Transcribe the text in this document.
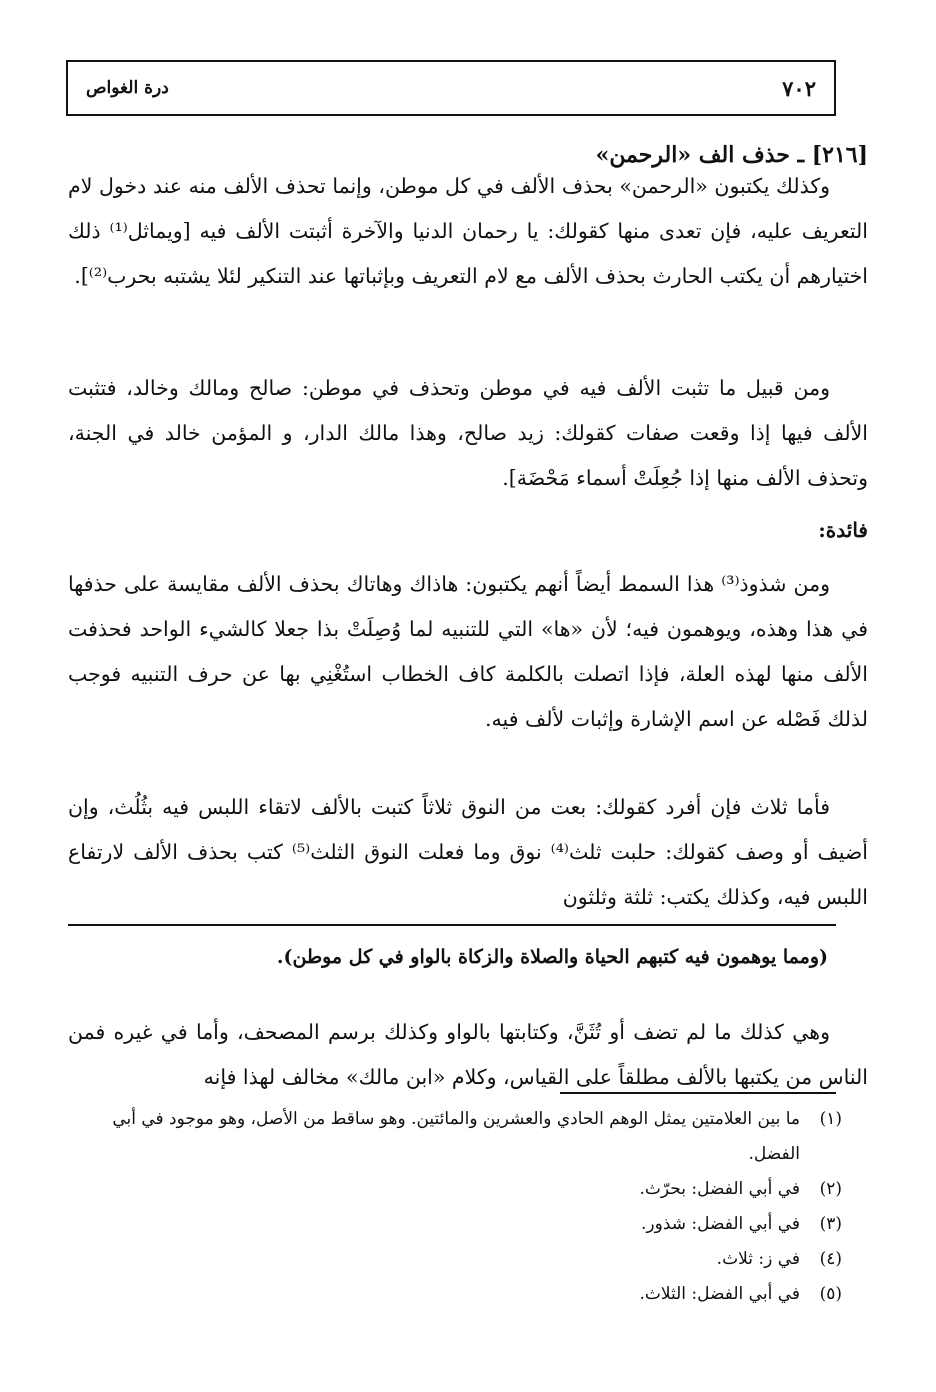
٧٠٢
درة الغواص
[٢١٦] ـ حذف الف «الرحمن»

وكذلك يكتبون «الرحمن» بحذف الألف في كل موطن، وإنما تحذف الألف منه عند دخول لام التعريف عليه، فإن تعدى منها كقولك: يا رحمان الدنيا والآخرة أثبتت الألف فيه [ويماثل⁽¹⁾ ذلك اختيارهم أن يكتب الحارث بحذف الألف مع لام التعريف وبإثباتها عند التنكير لئلا يشتبه بحرب⁽²⁾].

ومن قبيل ما تثبت الألف فيه في موطن وتحذف في موطن: صالح ومالك وخالد، فتثبت الألف فيها إذا وقعت صفات كقولك: زيد صالح، وهذا مالك الدار، و المؤمن خالد في الجنة، وتحذف الألف منها إذا جُعِلَتْ أسماء مَحْضَة].

فائدة:

ومن شذوذ⁽³⁾ هذا السمط أيضاً أنهم يكتبون: هاذاك وهاتاك بحذف الألف مقايسة على حذفها في هذا وهذه، ويوهمون فيه؛ لأن «ها» التي للتنبيه لما وُصِلَتْ بذا جعلا كالشيء الواحد فحذفت الألف منها لهذه العلة، فإذا اتصلت بالكلمة كاف الخطاب استُغْنِي بها عن حرف التنبيه فوجب لذلك فَصْله عن اسم الإشارة وإثبات لألف فيه.

فأما ثلاث فإن أفرد كقولك: بعت من النوق ثلاثاً كتبت بالألف لاتقاء اللبس فيه بثُلُث، وإن أضيف أو وصف كقولك: حلبت ثلث⁽⁴⁾ نوق وما فعلت النوق الثلث⁽⁵⁾ كتب بحذف الألف لارتفاع اللبس فيه، وكذلك يكتب: ثلثة وثلثون

(ومما يوهمون فيه كتبهم الحياة والصلاة والزكاة بالواو في كل موطن).

وهي كذلك ما لم تضف أو تُثَنَّ، وكتابتها بالواو وكذلك برسم المصحف، وأما في غيره فمن الناس من يكتبها بالألف مطلقاً على القياس، وكلام «ابن مالك» مخالف لهذا فإنه

(١)
ما بين العلامتين يمثل الوهم الحادي والعشرين والمائتين. وهو ساقط من الأصل، وهو موجود في أبي الفضل.
(٢)
في أبي الفضل: بحرّث.
(٣)
في أبي الفضل: شذور.
(٤)
في ز: ثلاث.
(٥)
في أبي الفضل: الثلاث.
